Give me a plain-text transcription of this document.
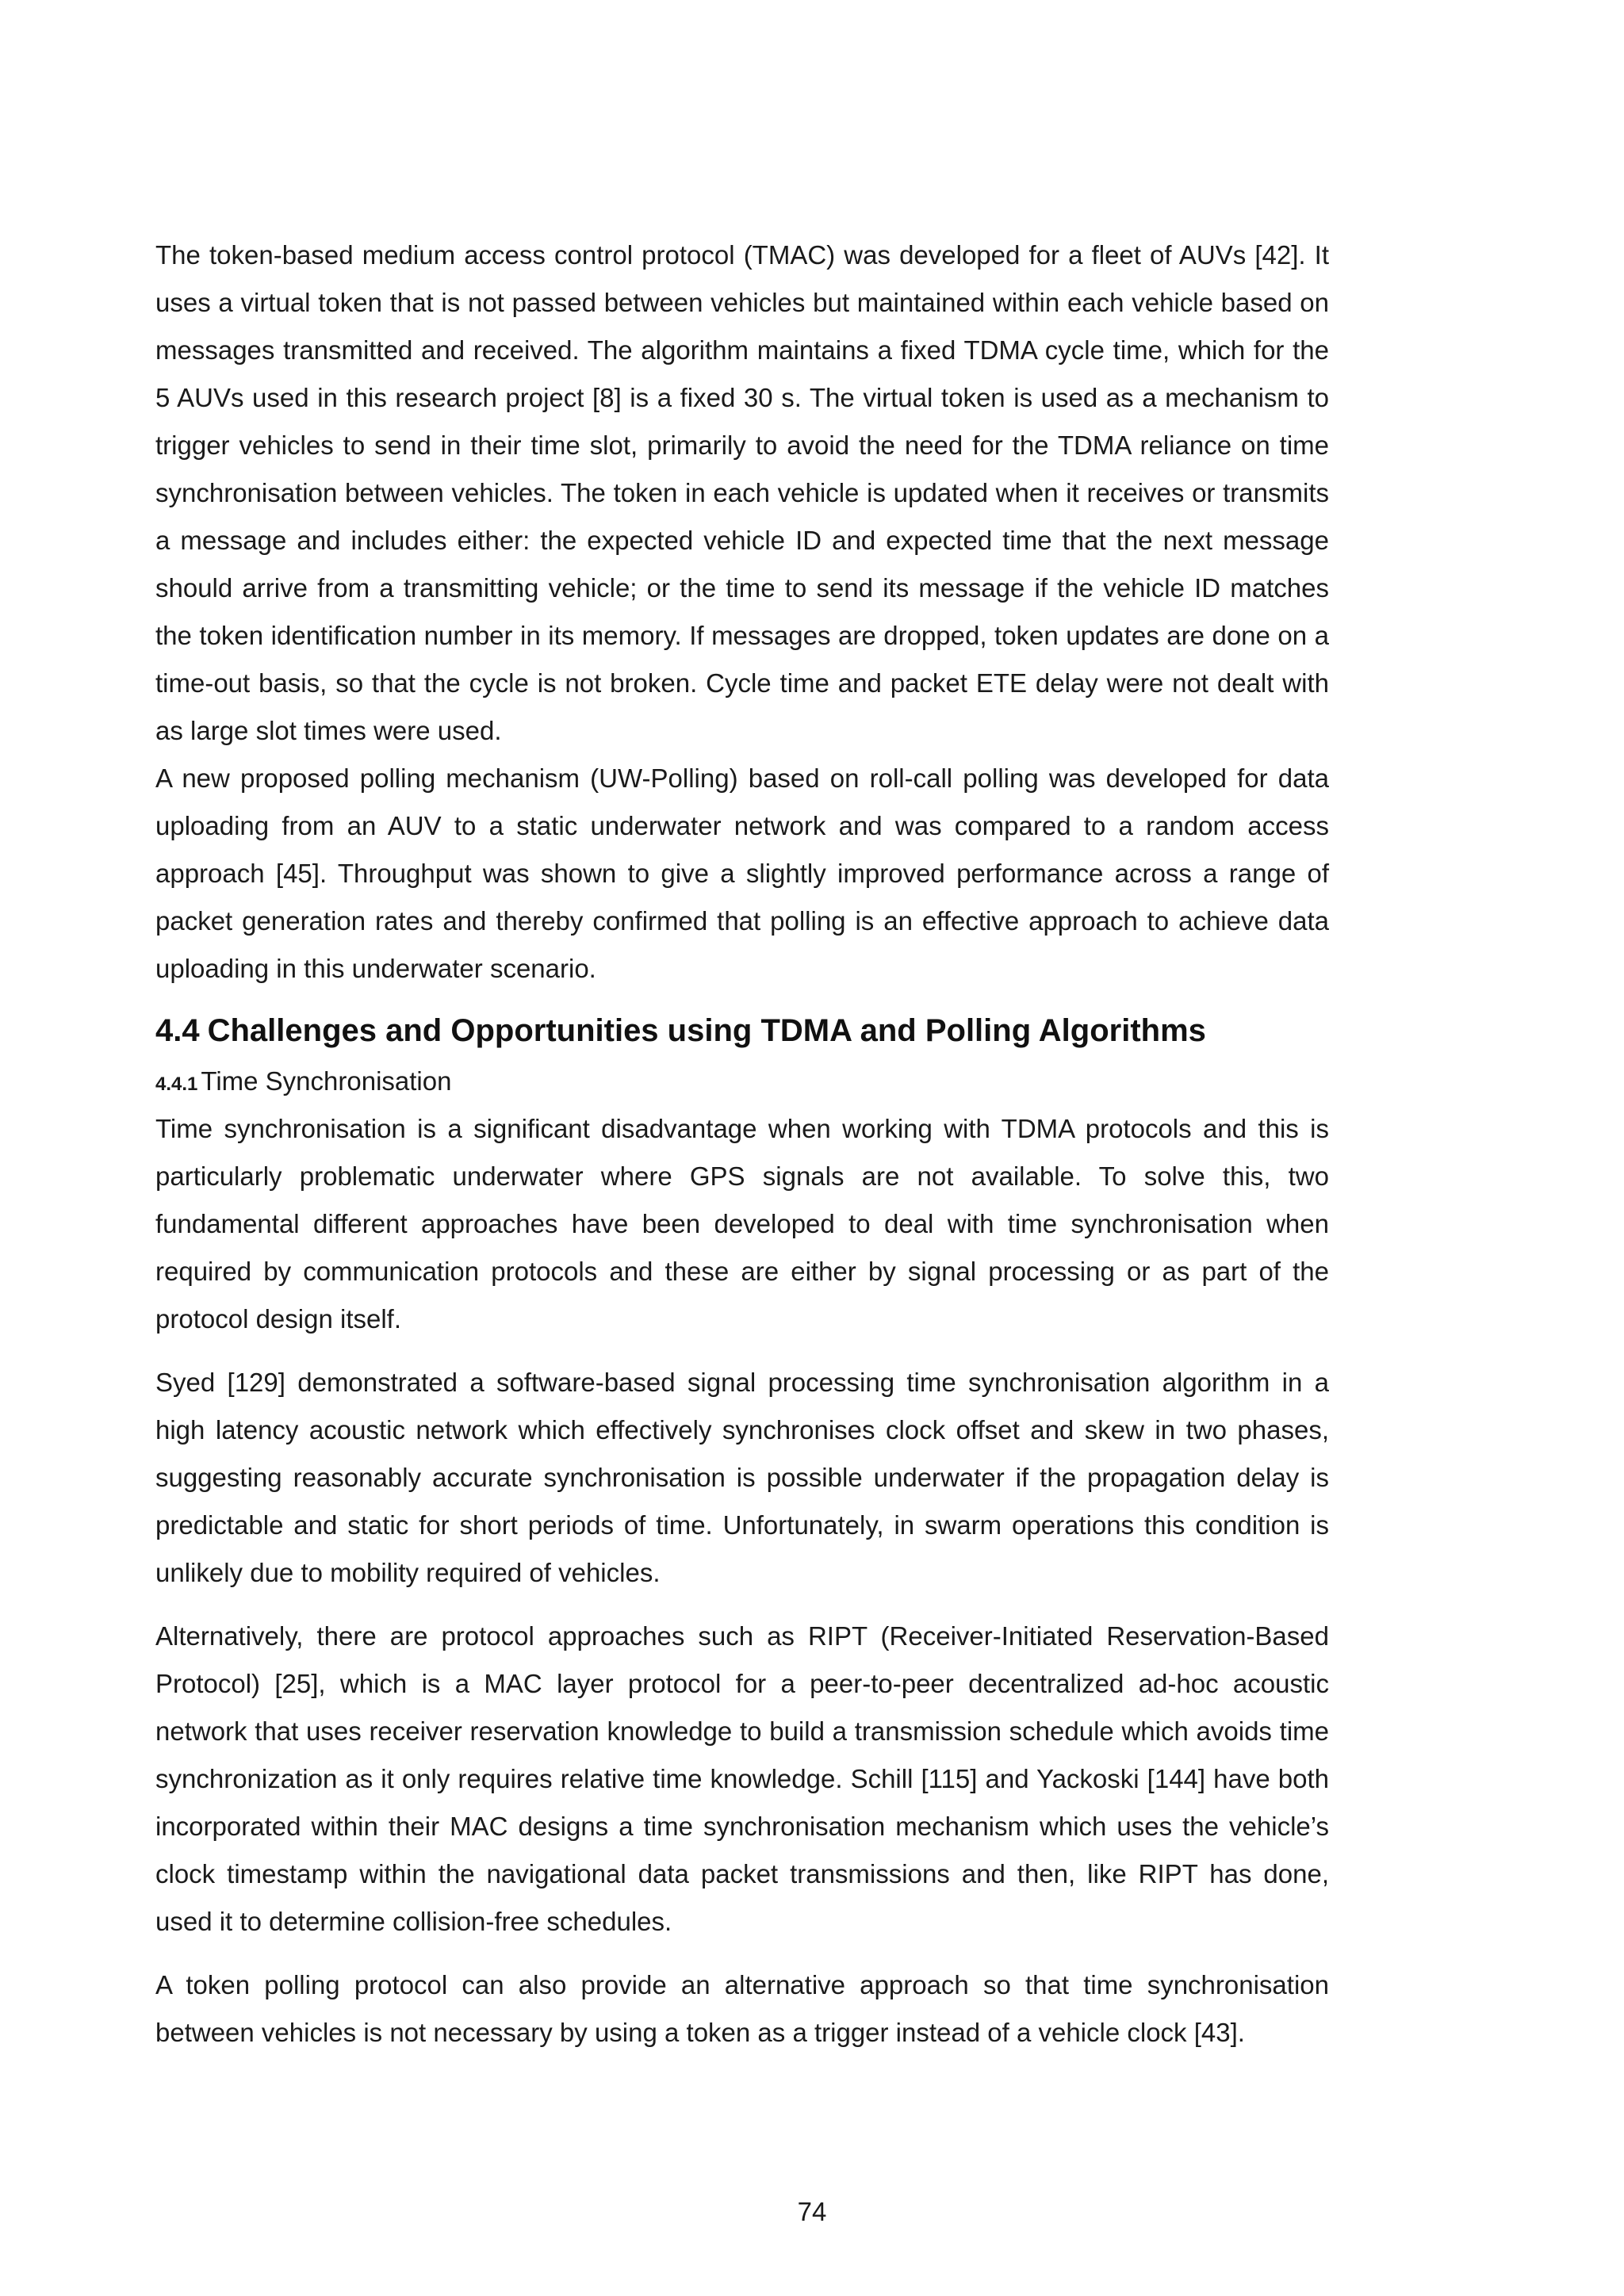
The token-based medium access control protocol (TMAC) was developed for a fleet of AUVs [42]. It uses a virtual token that is not passed between vehicles but maintained within each vehicle based on messages transmitted and received. The algorithm maintains a fixed TDMA cycle time, which for the 5 AUVs used in this research project [8] is a fixed 30 s. The virtual token is used as a mechanism to trigger vehicles to send in their time slot, primarily to avoid the need for the TDMA reliance on time synchronisation between vehicles. The token in each vehicle is updated when it receives or transmits a message and includes either: the expected vehicle ID and expected time that the next message should arrive from a transmitting vehicle; or the time to send its message if the vehicle ID matches the token identification number in its memory. If messages are dropped, token updates are done on a time-out basis, so that the cycle is not broken. Cycle time and packet ETE delay were not dealt with as large slot times were used.

A new proposed polling mechanism (UW-Polling) based on roll-call polling was developed for data uploading from an AUV to a static underwater network and was compared to a random access approach [45]. Throughput was shown to give a slightly improved performance across a range of packet generation rates and thereby confirmed that polling is an effective approach to achieve data uploading in this underwater scenario.

4.4 Challenges and Opportunities using TDMA and Polling Algorithms
4.4.1 Time Synchronisation

Time synchronisation is a significant disadvantage when working with TDMA protocols and this is particularly problematic underwater where GPS signals are not available. To solve this, two fundamental different approaches have been developed to deal with time synchronisation when required by communication protocols and these are either by signal processing or as part of the protocol design itself.

Syed [129] demonstrated a software-based signal processing time synchronisation algorithm in a high latency acoustic network which effectively synchronises clock offset and skew in two phases, suggesting reasonably accurate synchronisation is possible underwater if the propagation delay is predictable and static for short periods of time. Unfortunately, in swarm operations this condition is unlikely due to mobility required of vehicles.

Alternatively, there are protocol approaches such as RIPT (Receiver-Initiated Reservation-Based Protocol) [25], which is a MAC layer protocol for a peer-to-peer decentralized ad-hoc acoustic network that uses receiver reservation knowledge to build a transmission schedule which avoids time synchronization as it only requires relative time knowledge. Schill [115] and Yackoski [144] have both incorporated within their MAC designs a time synchronisation mechanism which uses the vehicle’s clock timestamp within the navigational data packet transmissions and then, like RIPT has done, used it to determine collision-free schedules.

A token polling protocol can also provide an alternative approach so that time synchronisation between vehicles is not necessary by using a token as a trigger instead of a vehicle clock [43].

74
